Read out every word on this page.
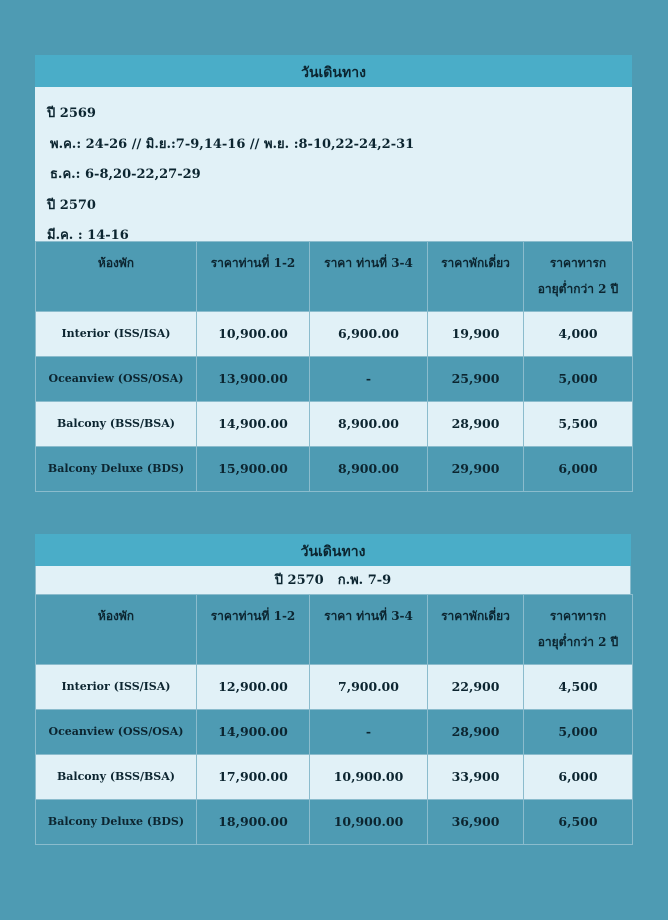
วันเดินทาง
ปี 2569
พ.ค.: 24-26 // มิ.ย.:7-9,14-16 // พ.ย. :8-10,22-24,2-31
ธ.ค.: 6-8,20-22,27-29
ปี 2570
มี.ค. : 14-16
ห้องพัก	ราคาท่านที่ 1-2	ราคา ท่านที่ 3-4	ราคาพักเดี่ยว	ราคาทารก
อายุต่ำกว่า 2 ปี
Interior (ISS/ISA)	10,900.00	6,900.00	19,900	4,000
Oceanview (OSS/OSA)	13,900.00	-	25,900	5,000
Balcony (BSS/BSA)	14,900.00	8,900.00	28,900	5,500
Balcony Deluxe (BDS)	15,900.00	8,900.00	29,900	6,000
วันเดินทาง
ปี 2570 ก.พ. 7-9
ห้องพัก	ราคาท่านที่ 1-2	ราคา ท่านที่ 3-4	ราคาพักเดี่ยว	ราคาทารก
อายุต่ำกว่า 2 ปี
Interior (ISS/ISA)	12,900.00	7,900.00	22,900	4,500
Oceanview (OSS/OSA)	14,900.00	-	28,900	5,000
Balcony (BSS/BSA)	17,900.00	10,900.00	33,900	6,000
Balcony Deluxe (BDS)	18,900.00	10,900.00	36,900	6,500
